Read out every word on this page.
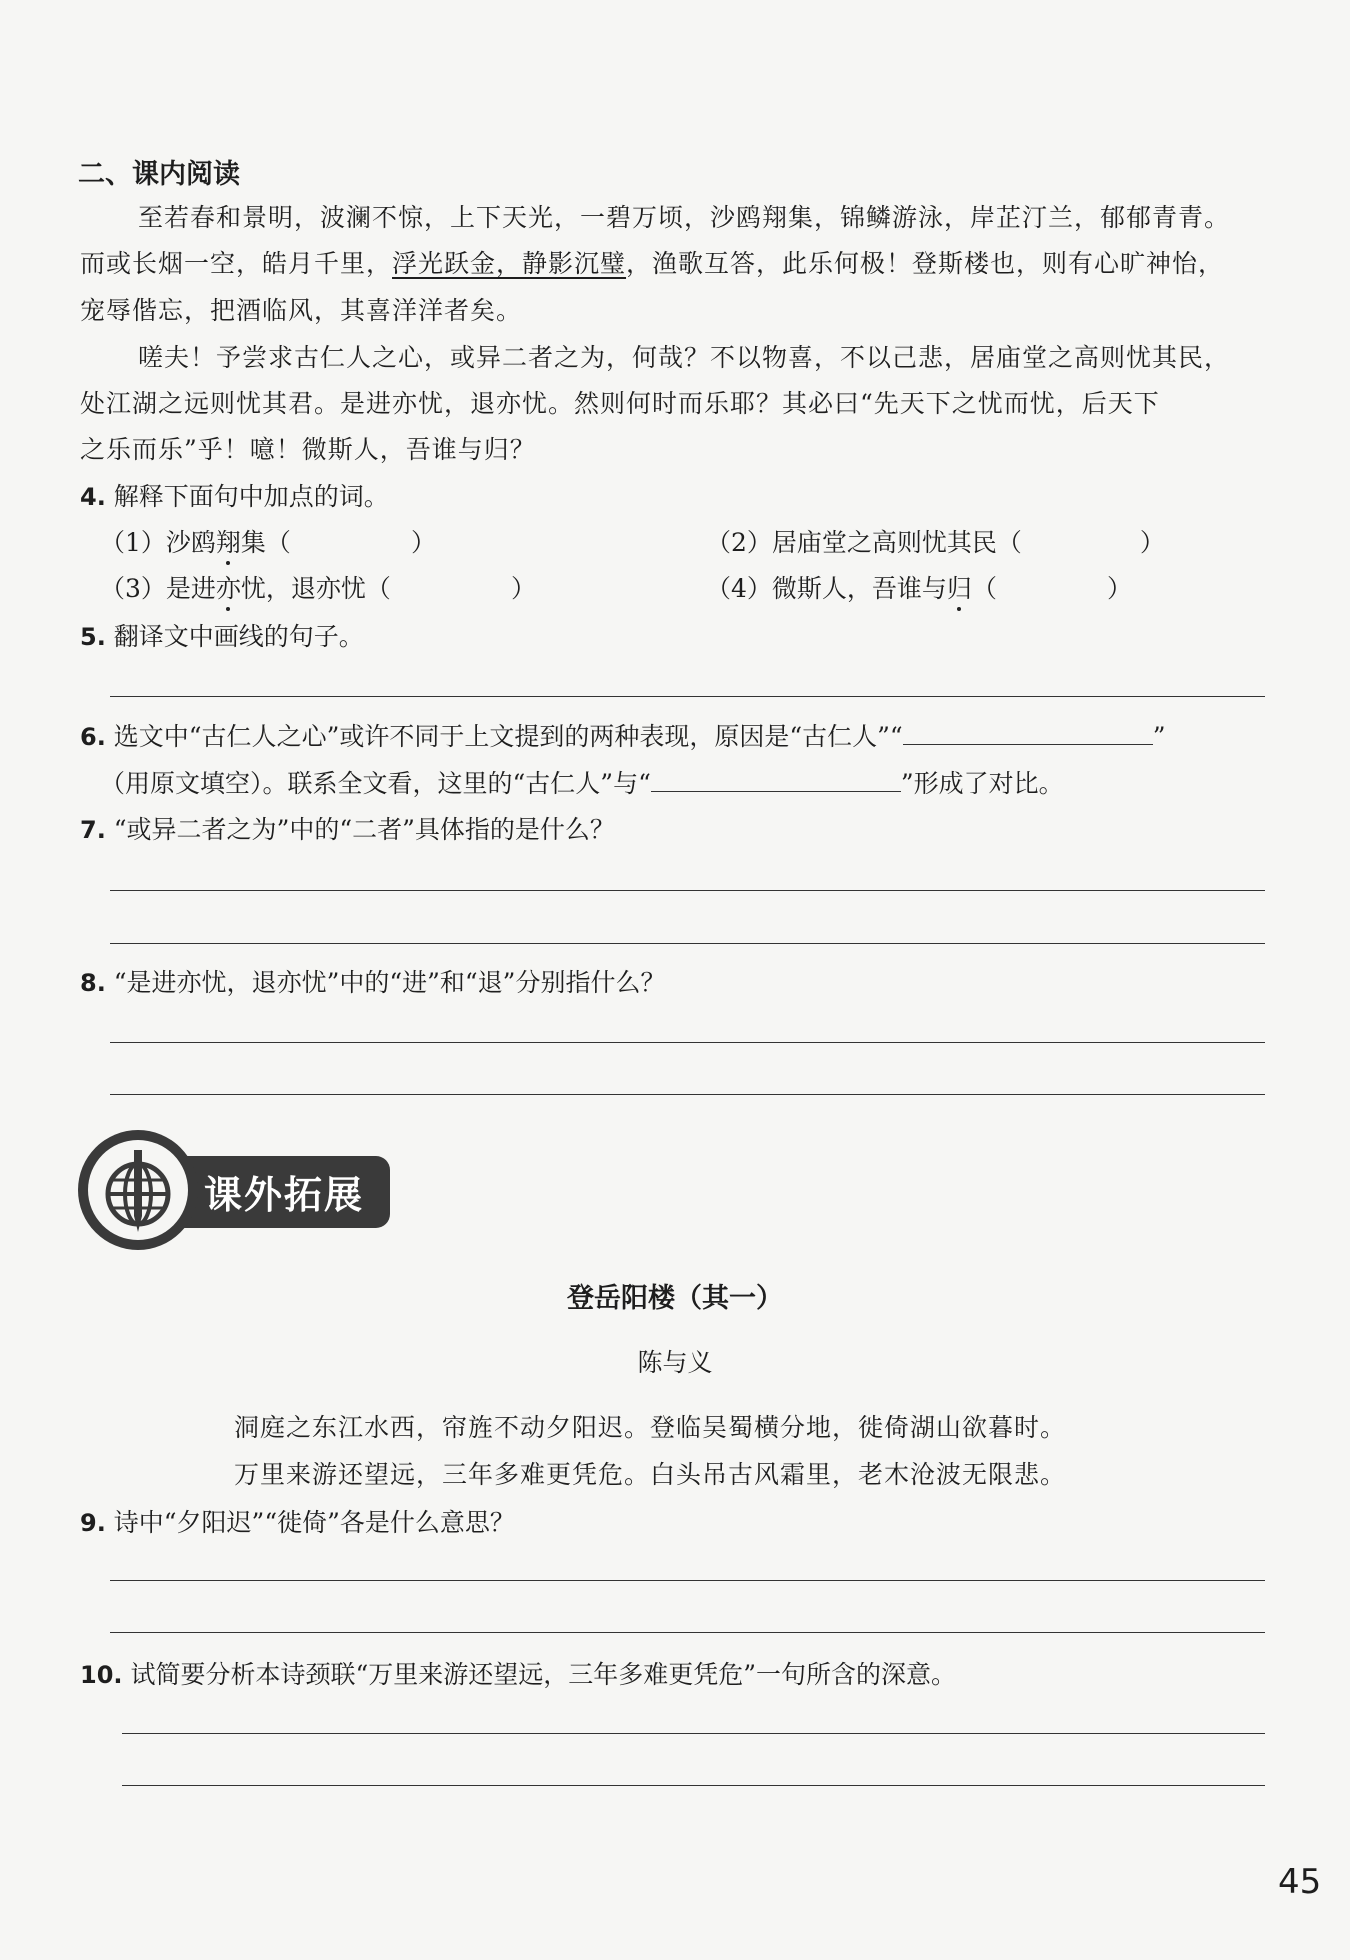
二、课内阅读
至若春和景明，波澜不惊，上下天光，一碧万顷，沙鸥翔集，锦鳞游泳，岸芷汀兰，郁郁青青。
而或长烟一空，皓月千里，浮光跃金，静影沉璧，渔歌互答，此乐何极！登斯楼也，则有心旷神怡，
宠辱偕忘，把酒临风，其喜洋洋者矣。
嗟夫！予尝求古仁人之心，或异二者之为，何哉？不以物喜，不以己悲，居庙堂之高则忧其民，
处江湖之远则忧其君。是进亦忧，退亦忧。然则何时而乐耶？其必曰“先天下之忧而忧，后天下
之乐而乐”乎！噫！微斯人，吾谁与归？
4. 解释下面句中加点的词。
（1）沙鸥翔集（	）	（2）居庙堂之高则忧其民（	）
（3）是进亦忧，退亦忧（	）	（4）微斯人，吾谁与归（	）
5. 翻译文中画线的句子。
6. 选文中“古仁人之心”或许不同于上文提到的两种表现，原因是“古仁人”“	”
（用原文填空）。联系全文看，这里的“古仁人”与“	”形成了对比。
7. “或异二者之为”中的“二者”具体指的是什么？
8. “是进亦忧，退亦忧”中的“进”和“退”分别指什么？
课外拓展
登岳阳楼（其一）
陈与义
洞庭之东江水西，帘旌不动夕阳迟。登临吴蜀横分地，徙倚湖山欲暮时。
万里来游还望远，三年多难更凭危。白头吊古风霜里，老木沧波无限悲。
9. 诗中“夕阳迟”“徙倚”各是什么意思？
10. 试简要分析本诗颈联“万里来游还望远，三年多难更凭危”一句所含的深意。
45
